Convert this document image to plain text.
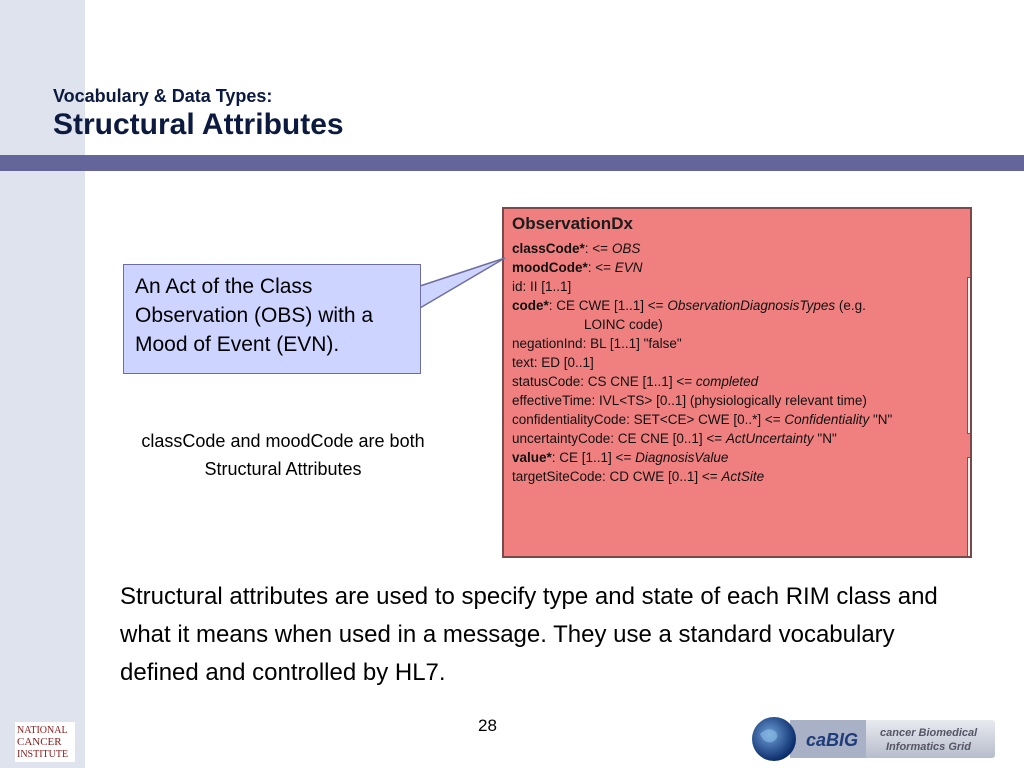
Vocabulary & Data Types:
Structural Attributes
An Act of the Class Observation (OBS) with a Mood of Event (EVN).
classCode and moodCode are both Structural Attributes
ObservationDx
classCode*: <= OBS
moodCode*: <= EVN
id: II [1..1]
code*: CE CWE [1..1] <= ObservationDiagnosisTypes (e.g.
LOINC code)
negationInd: BL [1..1] "false"
text: ED [0..1]
statusCode: CS CNE [1..1] <= completed
effectiveTime: IVL<TS> [0..1] (physiologically relevant time)
confidentialityCode: SET<CE> CWE [0..*] <= Confidentiality "N"
uncertaintyCode: CE CNE [0..1] <= ActUncertainty "N"
value*: CE [1..1] <= DiagnosisValue
targetSiteCode: CD CWE [0..1] <= ActSite
Structural attributes are used to specify type and state of each RIM class and what it means when used in a message. They use a standard vocabulary defined and controlled by HL7.
28
NATIONAL
CANCER
INSTITUTE
caBIG cancer Biomedical
Informatics Grid
